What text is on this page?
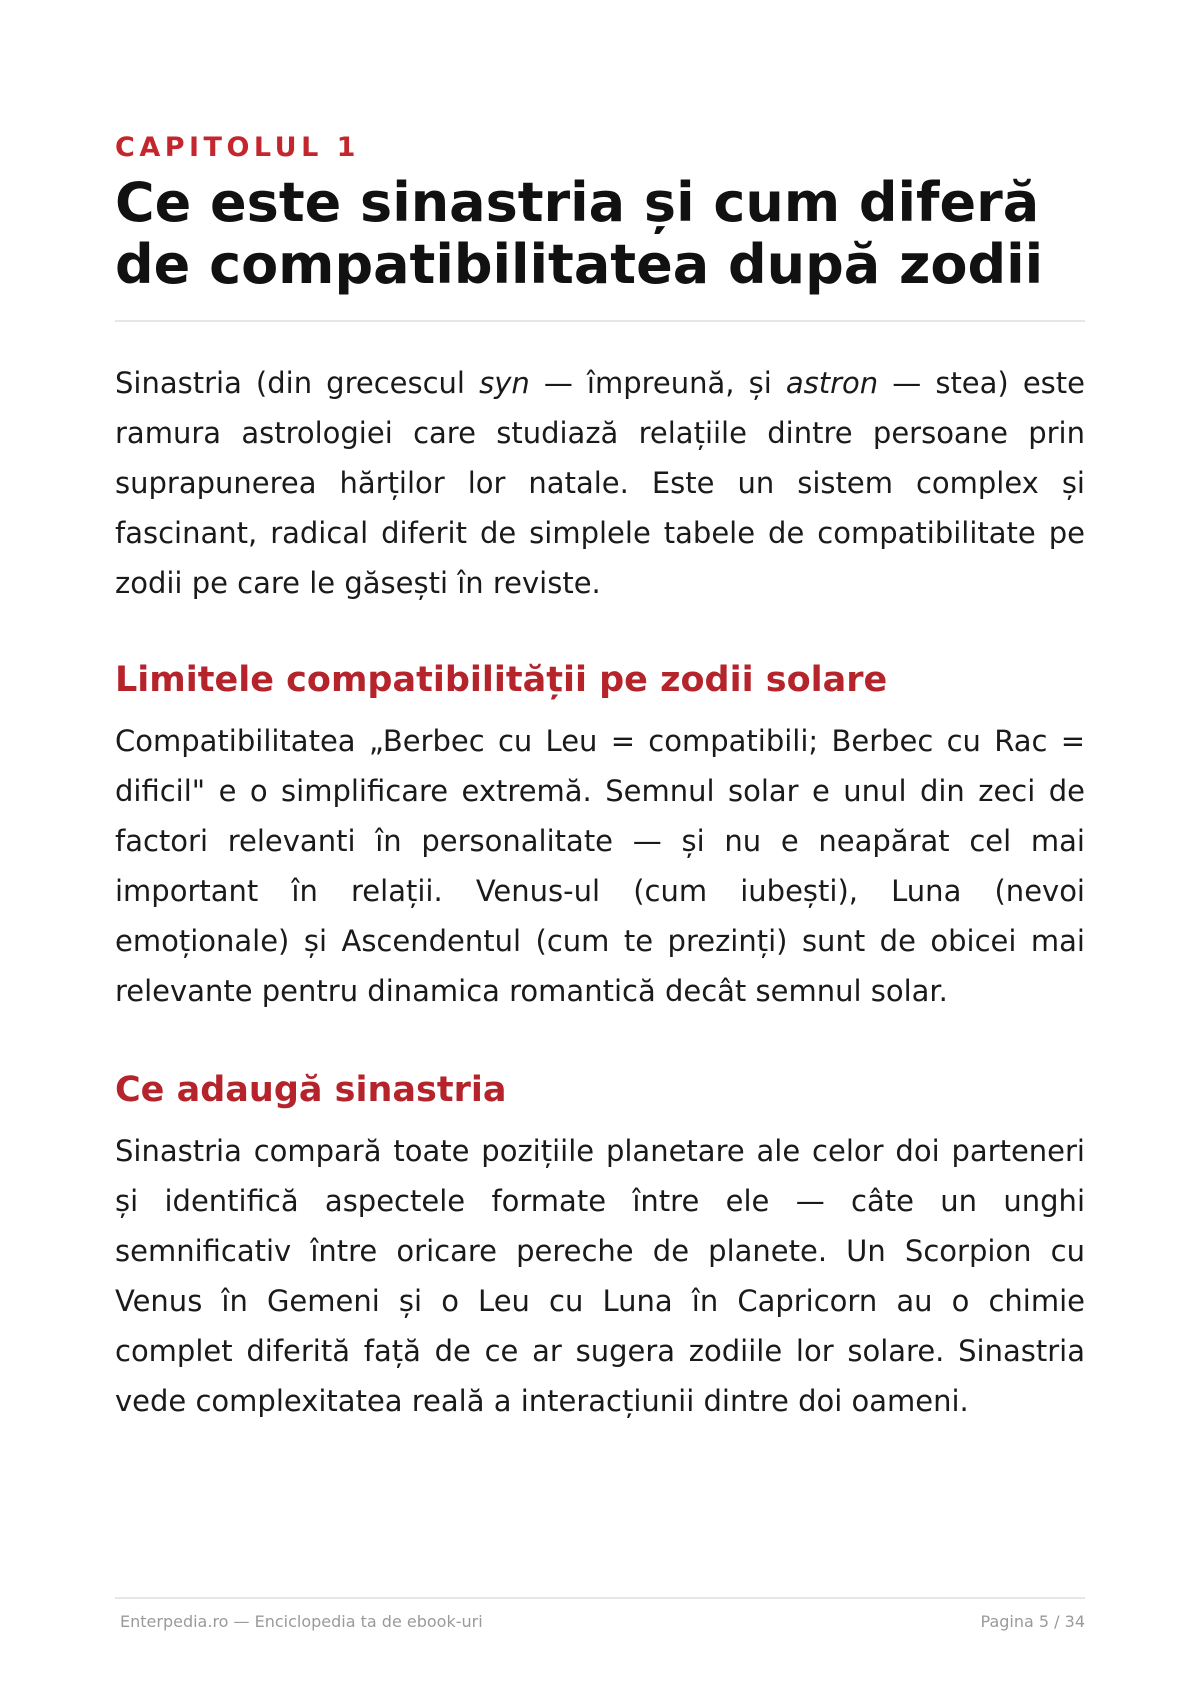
CAPITOLUL 1
Ce este sinastria și cum diferă
de compatibilitatea după zodii

Sinastria (din grecescul syn — împreună, și astron — stea) este ramura astrologiei care studiază relațiile dintre persoane prin suprapunerea hărților lor natale. Este un sistem complex și fascinant, radical diferit de simplele tabele de compatibilitate pe zodii pe care le găsești în reviste.

Limitele compatibilității pe zodii solare

Compatibilitatea „Berbec cu Leu = compatibili; Berbec cu Rac = dificil" e o simplificare extremă. Semnul solar e unul din zeci de factori relevanti în personalitate — și nu e neapărat cel mai important în relații. Venus-ul (cum iubești), Luna (nevoi emoționale) și Ascendentul (cum te prezinți) sunt de obicei mai relevante pentru dinamica romantică decât semnul solar.

Ce adaugă sinastria

Sinastria compară toate pozițiile planetare ale celor doi parteneri și identifică aspectele formate între ele — câte un unghi semnificativ între oricare pereche de planete. Un Scorpion cu Venus în Gemeni și o Leu cu Luna în Capricorn au o chimie complet diferită față de ce ar sugera zodiile lor solare. Sinastria vede complexitatea reală a interacțiunii dintre doi oameni.

Enterpedia.ro — Enciclopedia ta de ebook-uri	Pagina 5 / 34
